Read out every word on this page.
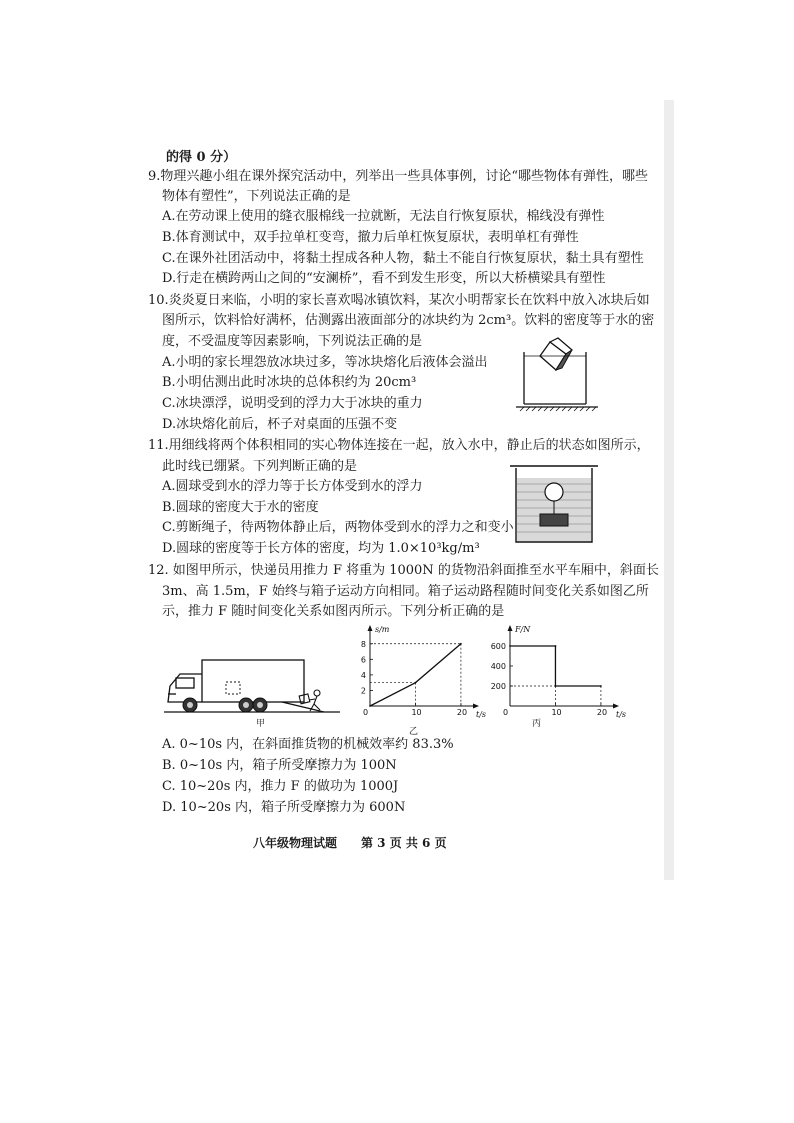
的得 0 分）
9.物理兴趣小组在课外探究活动中，列举出一些具体事例，讨论“哪些物体有弹性，哪些
物体有塑性”，下列说法正确的是
A.在劳动课上使用的缝衣服棉线一拉就断，无法自行恢复原状，棉线没有弹性
B.体育测试中，双手拉单杠变弯，撤力后单杠恢复原状，表明单杠有弹性
C.在课外社团活动中，将黏土捏成各种人物，黏土不能自行恢复原状，黏土具有塑性
D.行走在横跨两山之间的“安澜桥”，看不到发生形变，所以大桥横梁具有塑性
10.炎炎夏日来临，小明的家长喜欢喝冰镇饮料，某次小明帮家长在饮料中放入冰块后如
图所示，饮料恰好满杯，估测露出液面部分的冰块约为 2cm³。饮料的密度等于水的密
度，不受温度等因素影响，下列说法正确的是
A.小明的家长埋怨放冰块过多，等冰块熔化后液体会溢出
B.小明估测出此时冰块的总体积约为 20cm³
C.冰块漂浮，说明受到的浮力大于冰块的重力
D.冰块熔化前后，杯子对桌面的压强不变
11.用细线将两个体积相同的实心物体连接在一起，放入水中，静止后的状态如图所示，
此时线已绷紧。下列判断正确的是
A.圆球受到水的浮力等于长方体受到水的浮力
B.圆球的密度大于水的密度
C.剪断绳子，待两物体静止后，两物体受到水的浮力之和变小
D.圆球的密度等于长方体的密度，均为 1.0×10³kg/m³
12. 如图甲所示，快递员用推力 F 将重为 1000N 的货物沿斜面推至水平车厢中，斜面长
3m、高 1.5m，F 始终与箱子运动方向相同。箱子运动路程随时间变化关系如图乙所
示，推力 F 随时间变化关系如图丙所示。下列分析正确的是
A. 0~10s 内，在斜面推货物的机械效率约 83.3%
B. 0~10s 内，箱子所受摩擦力为 100N
C. 10~20s 内，推力 F 的做功为 1000J
D. 10~20s 内，箱子所受摩擦力为 600N
s/m
t/s
0	10	20
2
4
6
8
F/N
t/s
0	10	20
200
400
600
甲
乙
丙
八年级物理试题　　第 3 页 共 6 页
